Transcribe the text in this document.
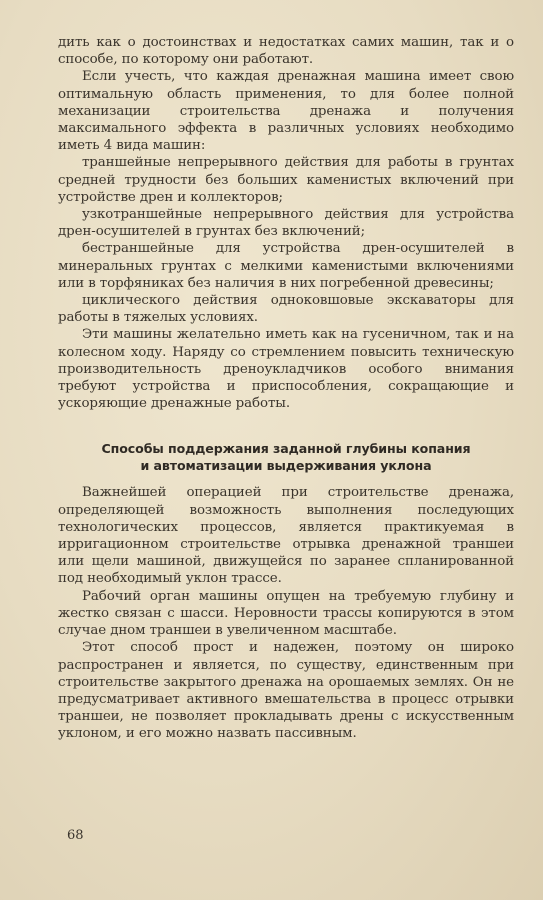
дить как о достоинствах и недостатках самих машин, так и о способе, по которому они работают.

Если учесть, что каждая дренажная машина имеет свою оптимальную область применения, то для более полной механизации строительства дренажа и получения максимального эффекта в различных условиях необходимо иметь 4 вида машин:

траншейные непрерывного действия для работы в грунтах средней трудности без больших каменистых включений при устройстве дрен и коллекторов;

узкотраншейные непрерывного действия для устройства дрен-осушителей в грунтах без включений;

бестраншейные для устройства дрен-осушителей в минеральных грунтах с мелкими каменистыми включениями или в торфяниках без наличия в них погребенной древесины;

циклического действия одноковшовые экскаваторы для работы в тяжелых условиях.

Эти машины желательно иметь как на гусеничном, так и на колесном ходу. Наряду со стремлением повысить техническую производительность дреноукладчиков особого внимания требуют устройства и приспособления, сокращающие и ускоряющие дренажные работы.

Способы поддержания заданной глубины копания
и автоматизации выдерживания уклона

Важнейшей операцией при строительстве дренажа, определяющей возможность выполнения последующих технологических процессов, является практикуемая в ирригационном строительстве отрывка дренажной траншеи или щели машиной, движущейся по заранее спланированной под необходимый уклон трассе.

Рабочий орган машины опущен на требуемую глубину и жестко связан с шасси. Неровности трассы копируются в этом случае дном траншеи в увеличенном масштабе.

Этот способ прост и надежен, поэтому он широко распространен и является, по существу, единственным при строительстве закрытого дренажа на орошаемых землях. Он не предусматривает активного вмешательства в процесс отрывки траншеи, не позволяет прокладывать дрены с искусственным уклоном, и его можно назвать пассивным.

68
